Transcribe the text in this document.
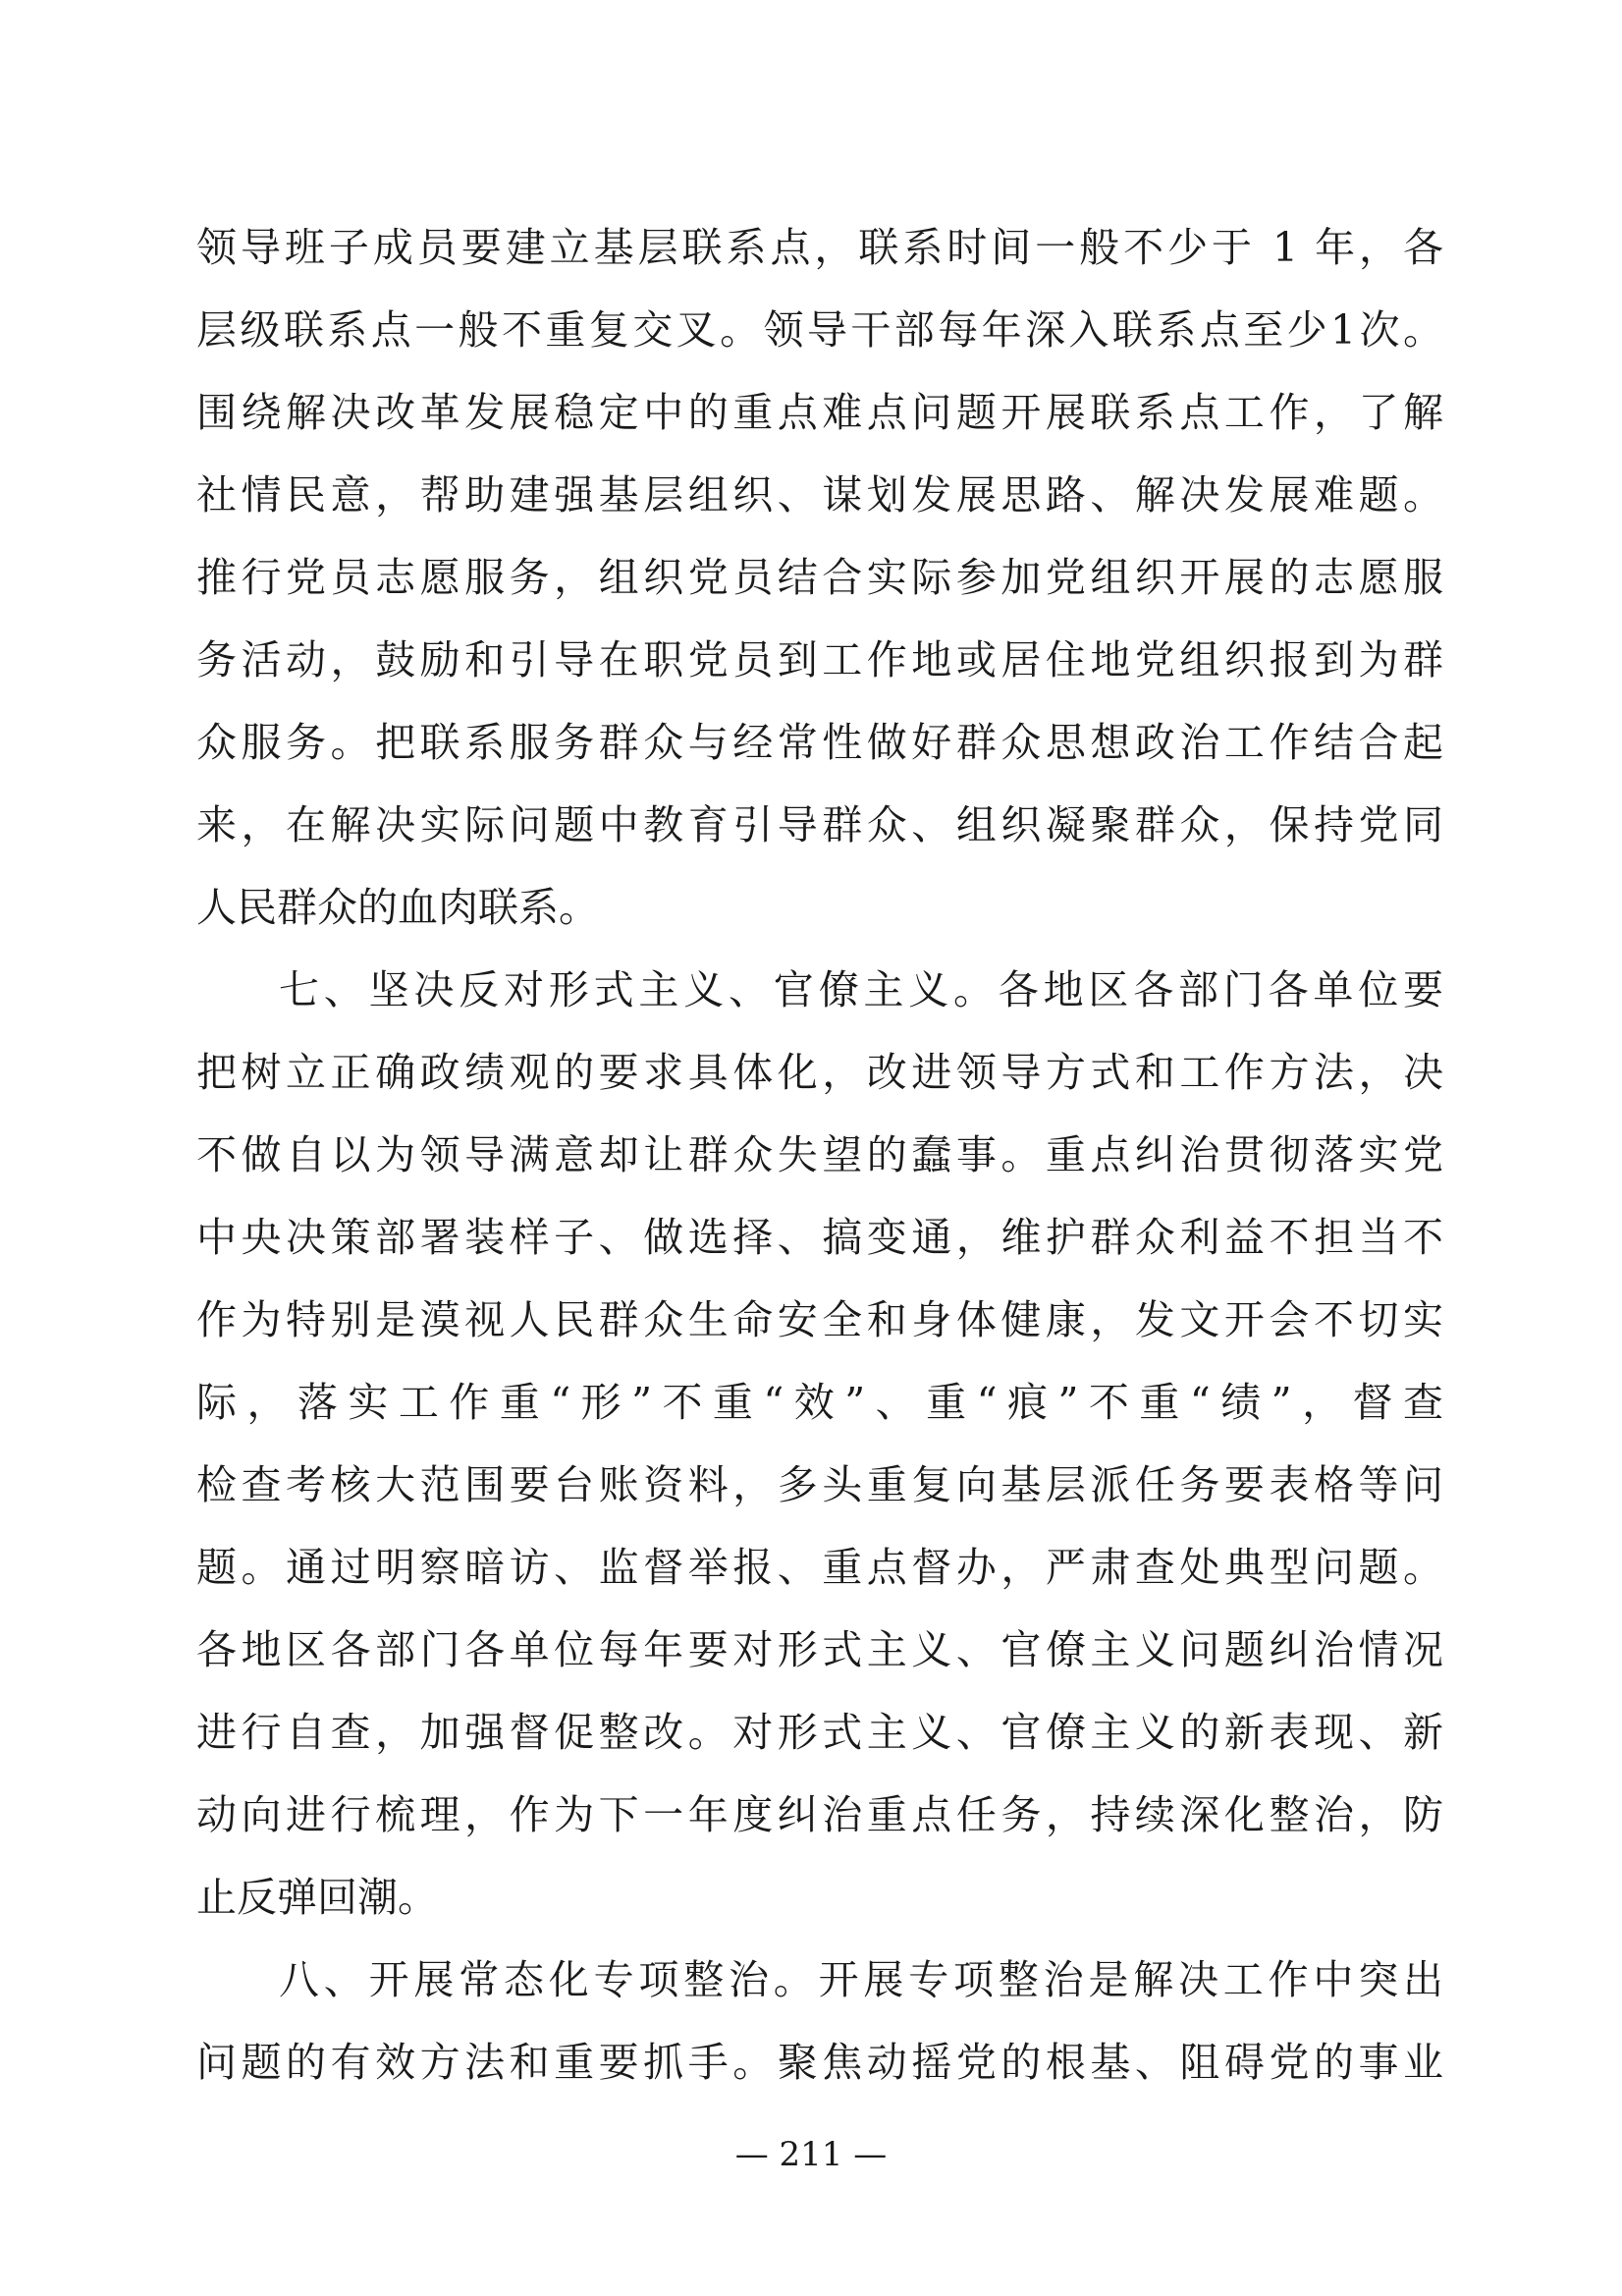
领导班子成员要建立基层联系点，联系时间一般不少于 1 年，各
层级联系点一般不重复交叉。领导干部每年深入联系点至少1次。
围绕解决改革发展稳定中的重点难点问题开展联系点工作，了解
社情民意，帮助建强基层组织、谋划发展思路、解决发展难题。
推行党员志愿服务，组织党员结合实际参加党组织开展的志愿服
务活动，鼓励和引导在职党员到工作地或居住地党组织报到为群
众服务。把联系服务群众与经常性做好群众思想政治工作结合起
来，在解决实际问题中教育引导群众、组织凝聚群众，保持党同
人民群众的血肉联系。
七、坚决反对形式主义、官僚主义。各地区各部门各单位要
把树立正确政绩观的要求具体化，改进领导方式和工作方法，决
不做自以为领导满意却让群众失望的蠢事。重点纠治贯彻落实党
中央决策部署装样子、做选择、搞变通，维护群众利益不担当不
作为特别是漠视人民群众生命安全和身体健康，发文开会不切实
际，落实工作重“形”不重“效”、重“痕”不重“绩”，督查
检查考核大范围要台账资料，多头重复向基层派任务要表格等问
题。通过明察暗访、监督举报、重点督办，严肃查处典型问题。
各地区各部门各单位每年要对形式主义、官僚主义问题纠治情况
进行自查，加强督促整改。对形式主义、官僚主义的新表现、新
动向进行梳理，作为下一年度纠治重点任务，持续深化整治，防
止反弹回潮。
八、开展常态化专项整治。开展专项整治是解决工作中突出
问题的有效方法和重要抓手。聚焦动摇党的根基、阻碍党的事业
— 211 —
